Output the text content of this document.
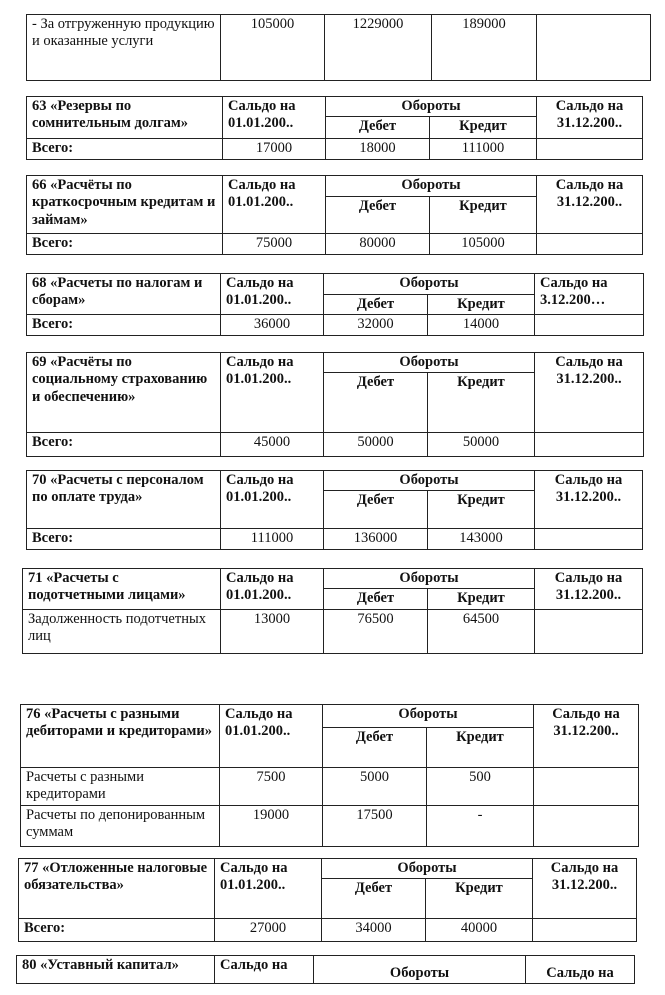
- За отгруженную продукцию и оказанные услуги	105000	1229000	189000	
63 «Резервы по сомнительным долгам»	Сальдо на 01.01.200..	Обороты		Сальдо на 31.12.200..
		Дебет	Кредит	
Всего:	17000	18000	111000	
66 «Расчёты по краткосрочным кредитам и займам»	Сальдо на 01.01.200..	Обороты		Сальдо на 31.12.200..
		Дебет	Кредит	
Всего:	75000	80000	105000	
68 «Расчеты по налогам и сборам»	Сальдо на 01.01.200..	Обороты		Сальдо на 3.12.200…
		Дебет	Кредит	
Всего:	36000	32000	14000	
69 «Расчёты по социальному страхованию и обеспечению»	Сальдо на 01.01.200..	Обороты		Сальдо на 31.12.200..
		Дебет	Кредит	
Всего:	45000	50000	50000	
70 «Расчеты с персоналом по оплате труда»	Сальдо на 01.01.200..	Обороты		Сальдо на 31.12.200..
		Дебет	Кредит	
Всего:	111000	136000	143000	
71 «Расчеты с подотчетными лицами»	Сальдо на 01.01.200..	Обороты		Сальдо на 31.12.200..
		Дебет	Кредит	
Задолженность подотчетных лиц	13000	76500	64500	
76 «Расчеты с разными дебиторами и кредиторами»	Сальдо на 01.01.200..	Обороты		Сальдо на 31.12.200..
		Дебет	Кредит	
Расчеты с разными кредиторами	7500	5000	500	
Расчеты по депонированным суммам	19000	17500	-	
77 «Отложенные налоговые обязательства»	Сальдо на 01.01.200..	Обороты		Сальдо на 31.12.200..
		Дебет	Кредит	
Всего:	27000	34000	40000	
80 «Уставный капитал»	Сальдо на	Обороты	Сальдо на
